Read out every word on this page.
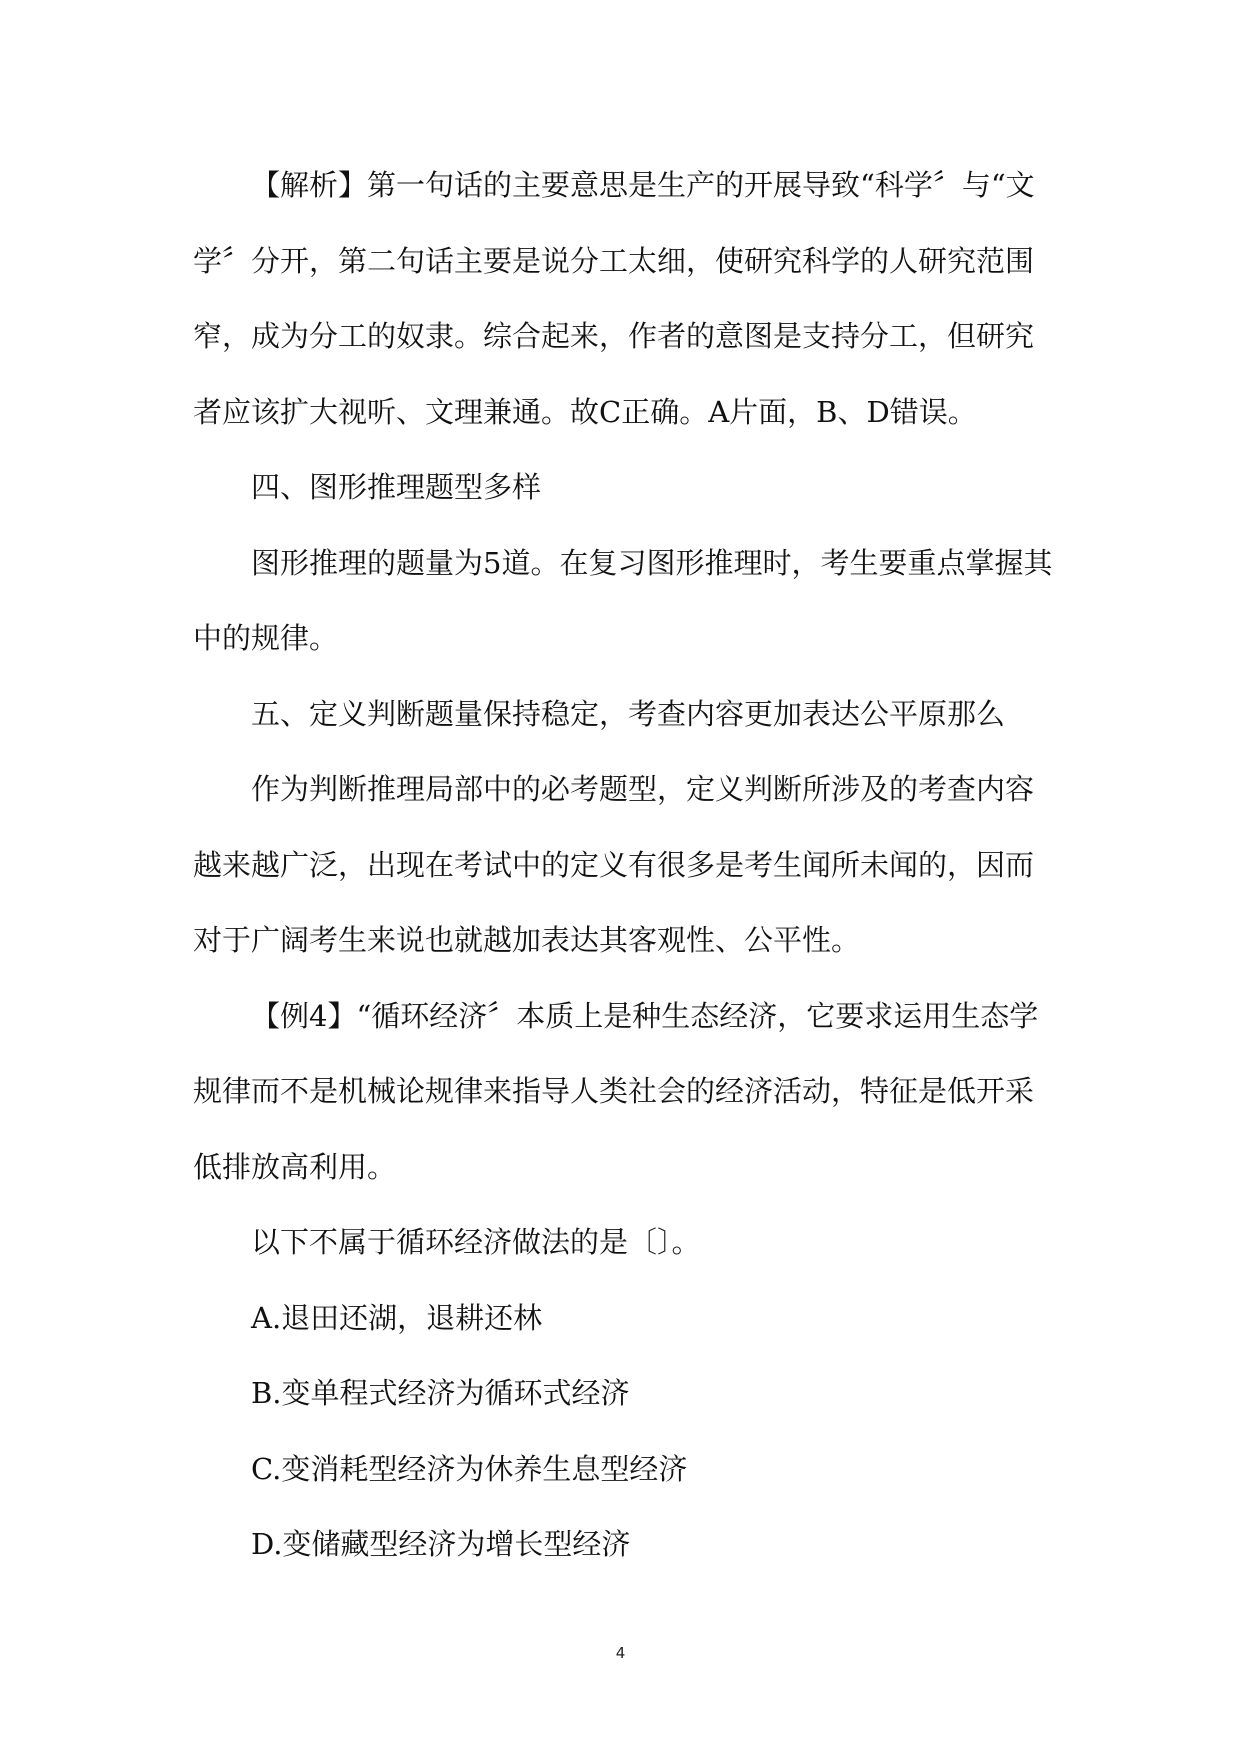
【解析】第一句话的主要意思是生产的开展导致“科学〞与“文
学〞分开，第二句话主要是说分工太细，使研究科学的人研究范围
窄，成为分工的奴隶。综合起来，作者的意图是支持分工，但研究
者应该扩大视听、文理兼通。故C正确。A片面，B、D错误。
四、图形推理题型多样
图形推理的题量为5道。在复习图形推理时，考生要重点掌握其
中的规律。
五、定义判断题量保持稳定，考查内容更加表达公平原那么
作为判断推理局部中的必考题型，定义判断所涉及的考查内容
越来越广泛，出现在考试中的定义有很多是考生闻所未闻的，因而
对于广阔考生来说也就越加表达其客观性、公平性。
【例4】“循环经济〞本质上是种生态经济，它要求运用生态学
规律而不是机械论规律来指导人类社会的经济活动，特征是低开采
低排放高利用。
以下不属于循环经济做法的是〔〕。
A.退田还湖，退耕还林
B.变单程式经济为循环式经济
C.变消耗型经济为休养生息型经济
D.变储藏型经济为增长型经济
4
